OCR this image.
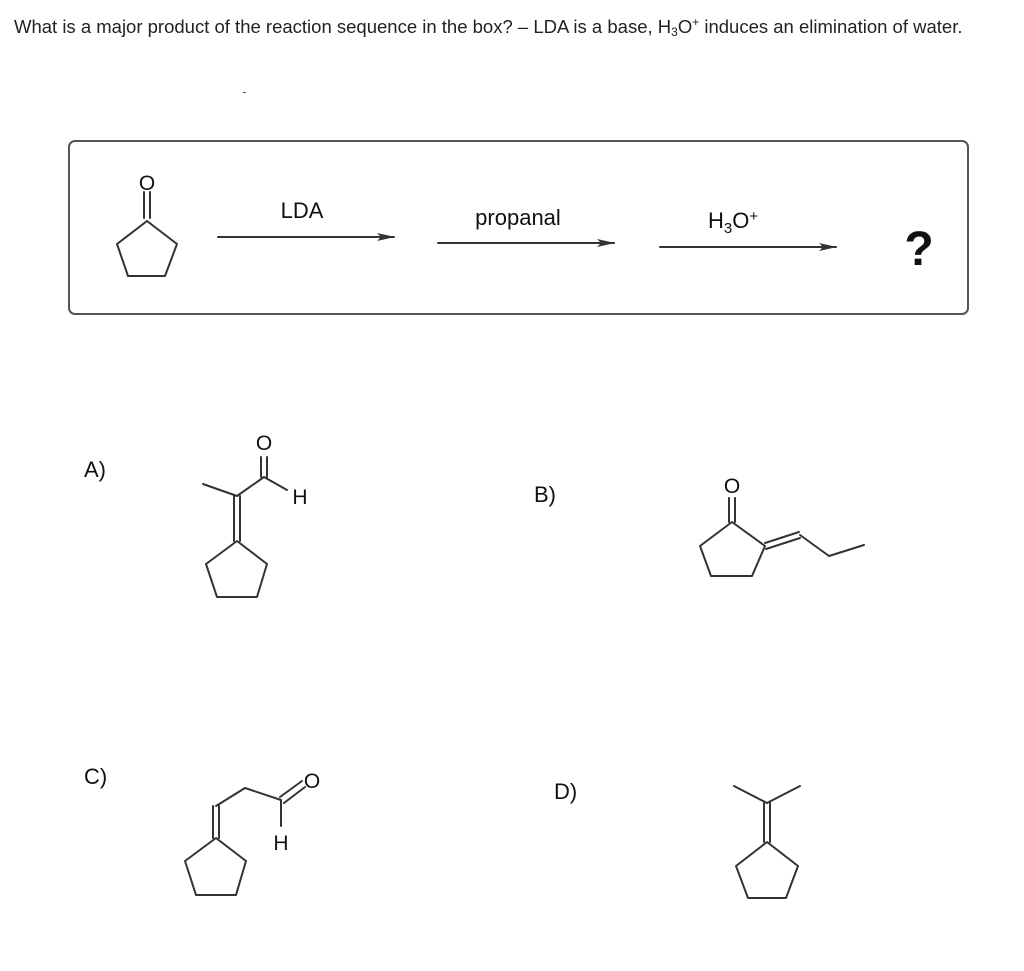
What is a major product of the reaction sequence in the box? – LDA is a base, $H_3O^+$ induces an elimination of water.
LDA	propanal	$H_3O^+$
?
O
O
H	O
O
H
A)
B)
C)
D)
